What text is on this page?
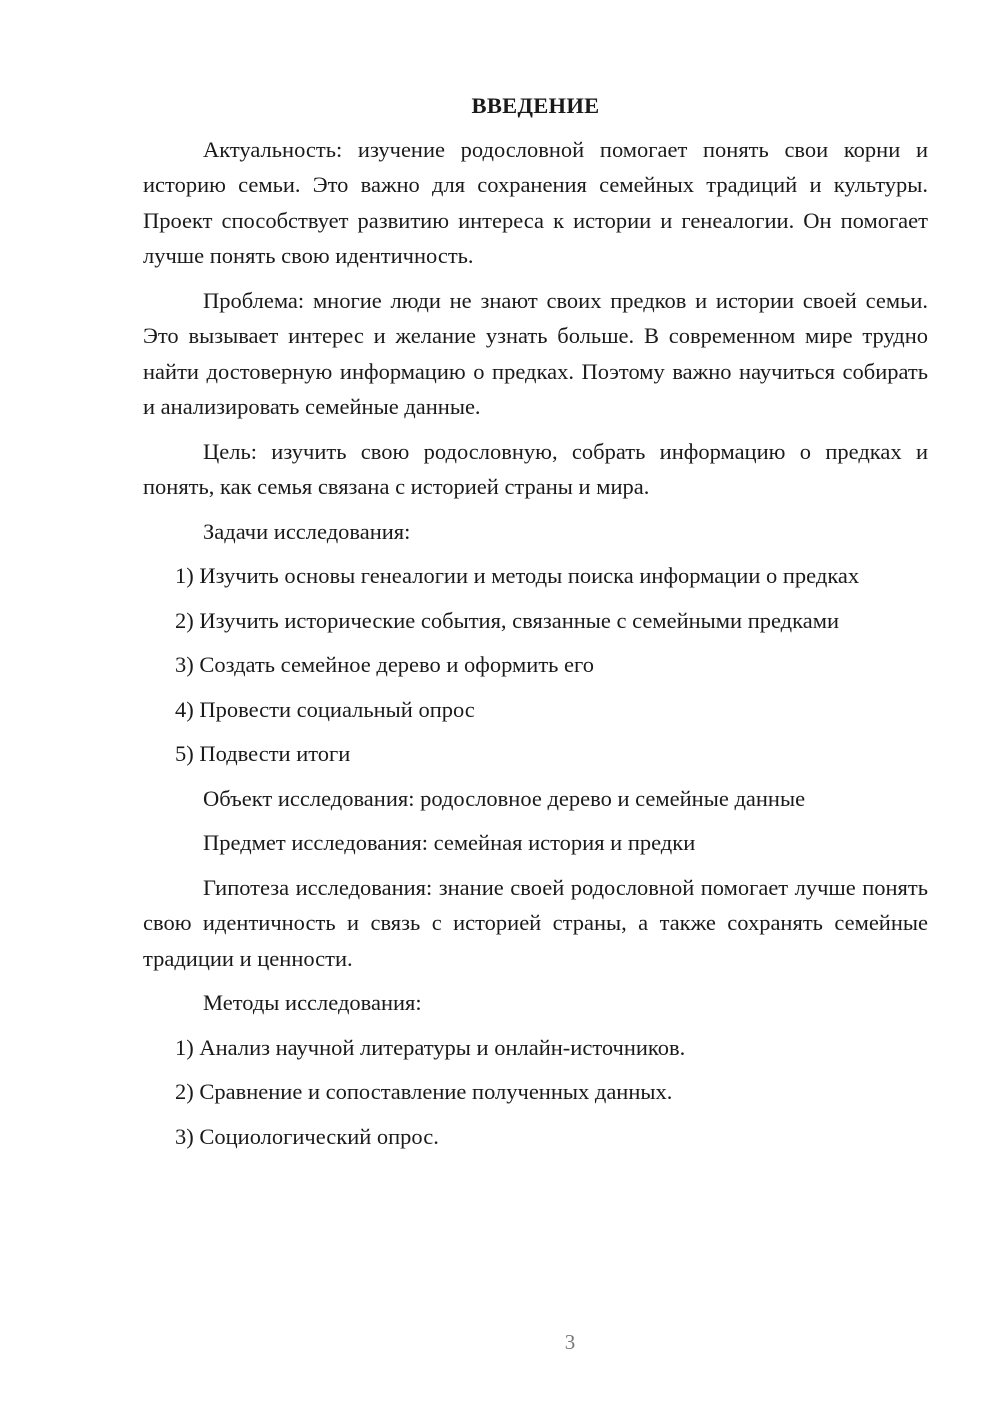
ВВЕДЕНИЕ

Актуальность: изучение родословной помогает понять свои корни и историю семьи. Это важно для сохранения семейных традиций и культуры. Проект способствует развитию интереса к истории и генеалогии. Он помогает лучше понять свою идентичность.

Проблема: многие люди не знают своих предков и истории своей семьи. Это вызывает интерес и желание узнать больше. В современном мире трудно найти достоверную информацию о предках. Поэтому важно научиться собирать и анализировать семейные данные.

Цель: изучить свою родословную, собрать информацию о предках и понять, как семья связана с историей страны и мира.

Задачи исследования:

1) Изучить основы генеалогии и методы поиска информации о предках

2) Изучить исторические события, связанные с семейными предками

3) Создать семейное дерево и оформить его

4) Провести социальный опрос

5) Подвести итоги

Объект исследования: родословное дерево и семейные данные

Предмет исследования: семейная история и предки

Гипотеза исследования: знание своей родословной помогает лучше понять свою идентичность и связь с историей страны, а также сохранять семейные традиции и ценности.

Методы исследования:

1) Анализ научной литературы и онлайн-источников.

2) Сравнение и сопоставление полученных данных.

3) Социологический опрос.

3
